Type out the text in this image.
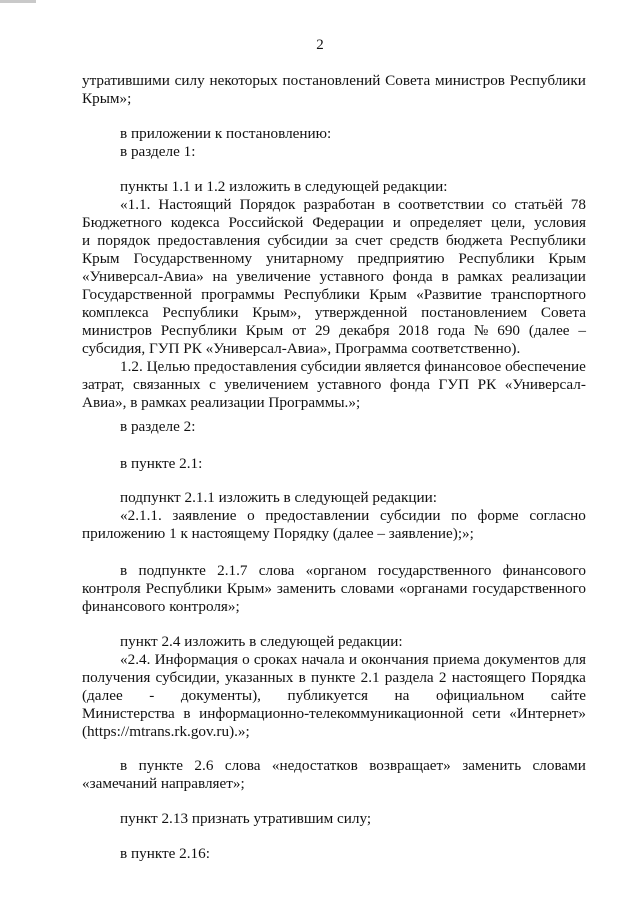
2
утратившими силу некоторых постановлений Совета министров Республики
Крым»;
в приложении к постановлению:
в разделе 1:
пункты 1.1 и 1.2 изложить в следующей редакции:
«1.1. Настоящий Порядок разработан в соответствии со статьёй 78
Бюджетного кодекса Российской Федерации и определяет цели, условия
и порядок предоставления субсидии за счет средств бюджета Республики
Крым Государственному унитарному предприятию Республики Крым
«Универсал-Авиа» на увеличение уставного фонда в рамках реализации
Государственной программы Республики Крым «Развитие транспортного
комплекса Республики Крым», утвержденной постановлением Совета
министров Республики Крым от 29 декабря 2018 года № 690 (далее –
субсидия, ГУП РК «Универсал-Авиа», Программа соответственно).
1.2. Целью предоставления субсидии является финансовое обеспечение
затрат, связанных с увеличением уставного фонда ГУП РК «Универсал-
Авиа», в рамках реализации Программы.»;
в разделе 2:
в пункте 2.1:
подпункт 2.1.1 изложить в следующей редакции:
«2.1.1. заявление о предоставлении субсидии по форме согласно
приложению 1 к настоящему Порядку (далее – заявление);»;
в подпункте 2.1.7 слова «органом государственного финансового
контроля Республики Крым» заменить словами «органами государственного
финансового контроля»;
пункт 2.4 изложить в следующей редакции:
«2.4. Информация о сроках начала и окончания приема документов для
получения субсидии, указанных в пункте 2.1 раздела 2 настоящего Порядка
(далее - документы), публикуется на официальном сайте
Министерства в информационно-телекоммуникационной сети «Интернет»
(https://mtrans.rk.gov.ru).»;
в пункте 2.6 слова «недостатков возвращает» заменить словами
«замечаний направляет»;
пункт 2.13 признать утратившим силу;
в пункте 2.16:
